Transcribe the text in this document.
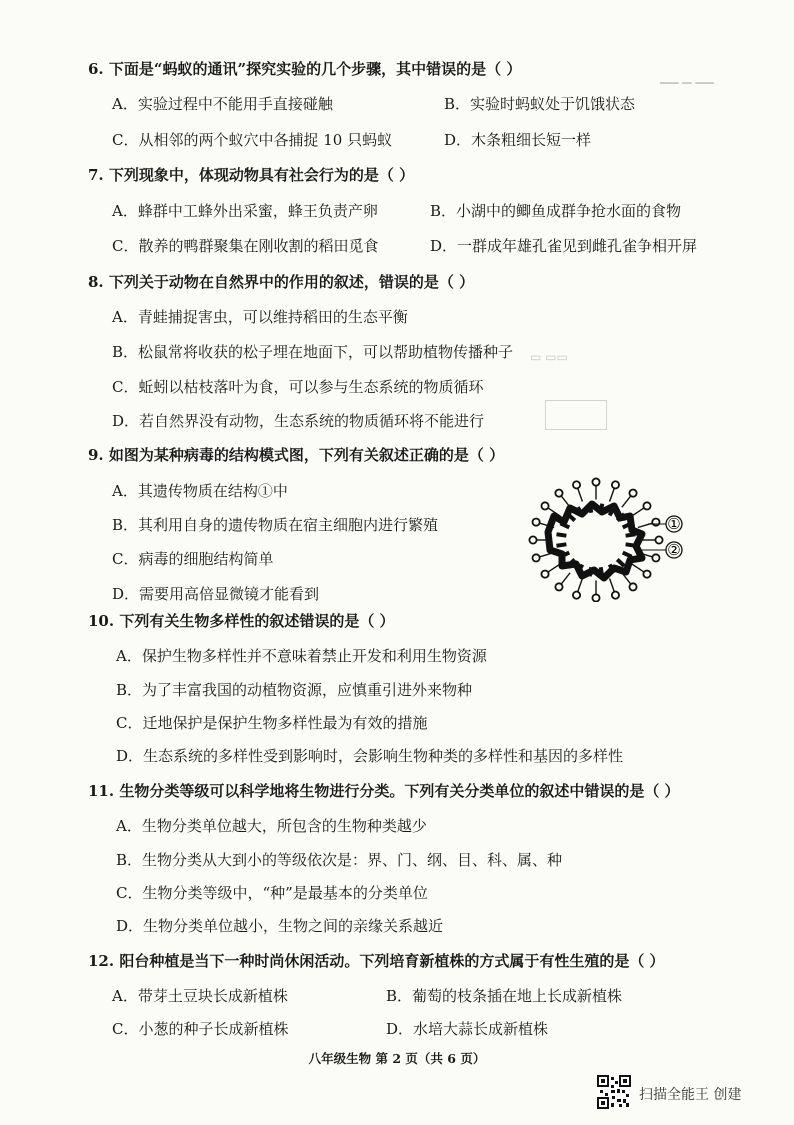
▁▁ ▁ ▁▁
▭ ▭▭
6. 下面是“蚂蚁的通讯”探究实验的几个步骤，其中错误的是（ ）
A．实验过程中不能用手直接碰触	B．实验时蚂蚁处于饥饿状态
C．从相邻的两个蚁穴中各捕捉 10 只蚂蚁	D．木条粗细长短一样
7. 下列现象中，体现动物具有社会行为的是（ ）
A．蜂群中工蜂外出采蜜，蜂王负责产卵	B．小湖中的鲫鱼成群争抢水面的食物
C．散养的鸭群聚集在刚收割的稻田觅食	D．一群成年雄孔雀见到雌孔雀争相开屏
8. 下列关于动物在自然界中的作用的叙述，错误的是（ ）
A．青蛙捕捉害虫，可以维持稻田的生态平衡
B．松鼠常将收获的松子埋在地面下，可以帮助植物传播种子
C．蚯蚓以枯枝落叶为食，可以参与生态系统的物质循环
D．若自然界没有动物，生态系统的物质循环将不能进行
9. 如图为某种病毒的结构模式图，下列有关叙述正确的是（ ）
A．其遗传物质在结构①中
B．其利用自身的遗传物质在宿主细胞内进行繁殖
C．病毒的细胞结构简单
D．需要用高倍显微镜才能看到
①
②
10. 下列有关生物多样性的叙述错误的是（ ）
A．保护生物多样性并不意味着禁止开发和利用生物资源
B．为了丰富我国的动植物资源，应慎重引进外来物种
C．迁地保护是保护生物多样性最为有效的措施
D．生态系统的多样性受到影响时，会影响生物种类的多样性和基因的多样性
11. 生物分类等级可以科学地将生物进行分类。下列有关分类单位的叙述中错误的是（ ）
A．生物分类单位越大，所包含的生物种类越少
B．生物分类从大到小的等级依次是：界、门、纲、目、科、属、种
C．生物分类等级中，“种”是最基本的分类单位
D．生物分类单位越小，生物之间的亲缘关系越近
12. 阳台种植是当下一种时尚休闲活动。下列培育新植株的方式属于有性生殖的是（ ）
A．带芽土豆块长成新植株	B．葡萄的枝条插在地上长成新植株
C．小葱的种子长成新植株	D．水培大蒜长成新植株
八年级生物 第 2 页（共 6 页）
扫描全能王 创建
